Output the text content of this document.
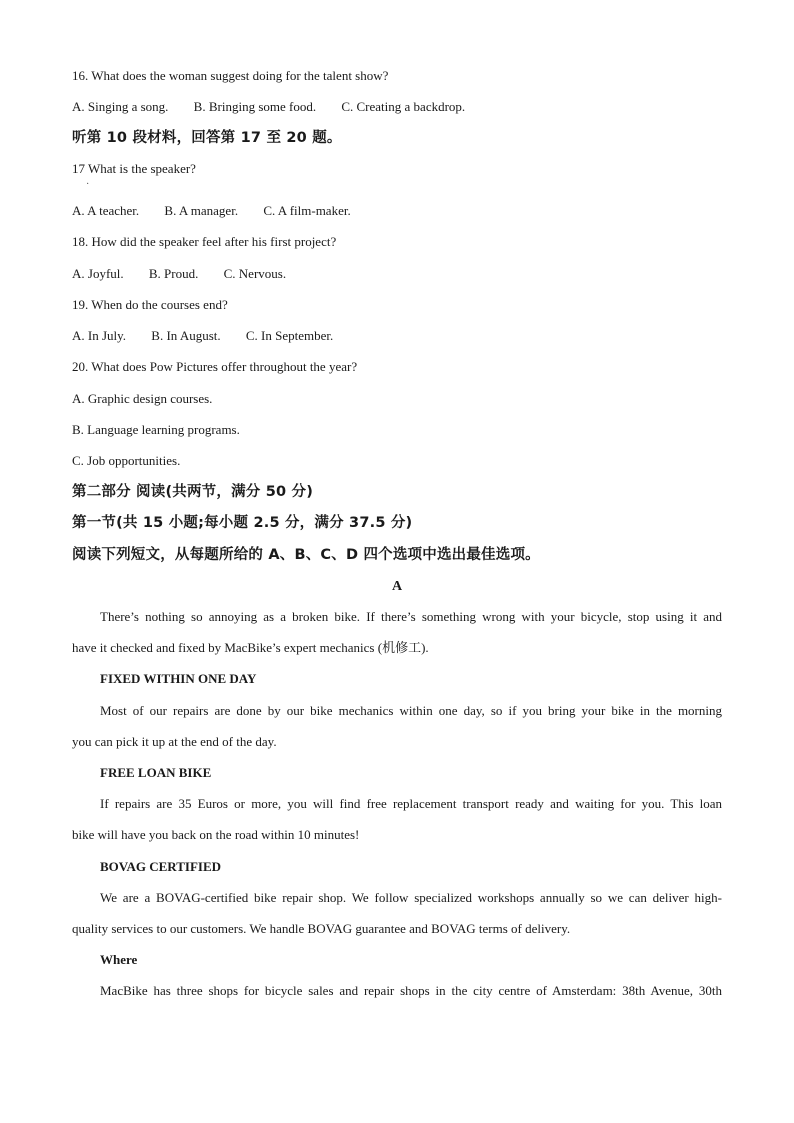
16. What does the woman suggest doing for the talent show?
A. Singing a song. B. Bringing some food. C. Creating a backdrop.
听第 10 段材料，回答第 17 至 20 题。
17 What is the speaker?
·
A. A teacher. B. A manager. C. A film-maker.
18. How did the speaker feel after his first project?
A. Joyful. B. Proud. C. Nervous.
19. When do the courses end?
A. In July. B. In August. C. In September.
20. What does Pow Pictures offer throughout the year?
A. Graphic design courses.
B. Language learning programs.
C. Job opportunities.
第二部分 阅读(共两节，满分 50 分)
第一节(共 15 小题;每小题 2.5 分，满分 37.5 分)
阅读下列短文，从每题所给的 A、B、C、D 四个选项中选出最佳选项。
A
There’s nothing so annoying as a broken bike. If there’s something wrong with your bicycle, stop using it and
have it checked and fixed by MacBike’s expert mechanics (机修工).
FIXED WITHIN ONE DAY
Most of our repairs are done by our bike mechanics within one day, so if you bring your bike in the morning
you can pick it up at the end of the day.
FREE LOAN BIKE
If repairs are 35 Euros or more, you will find free replacement transport ready and waiting for you. This loan
bike will have you back on the road within 10 minutes!
BOVAG CERTIFIED
We are a BOVAG-certified bike repair shop. We follow specialized workshops annually so we can deliver high-
quality services to our customers. We handle BOVAG guarantee and BOVAG terms of delivery.
Where
MacBike has three shops for bicycle sales and repair shops in the city centre of Amsterdam: 38th Avenue, 30th
